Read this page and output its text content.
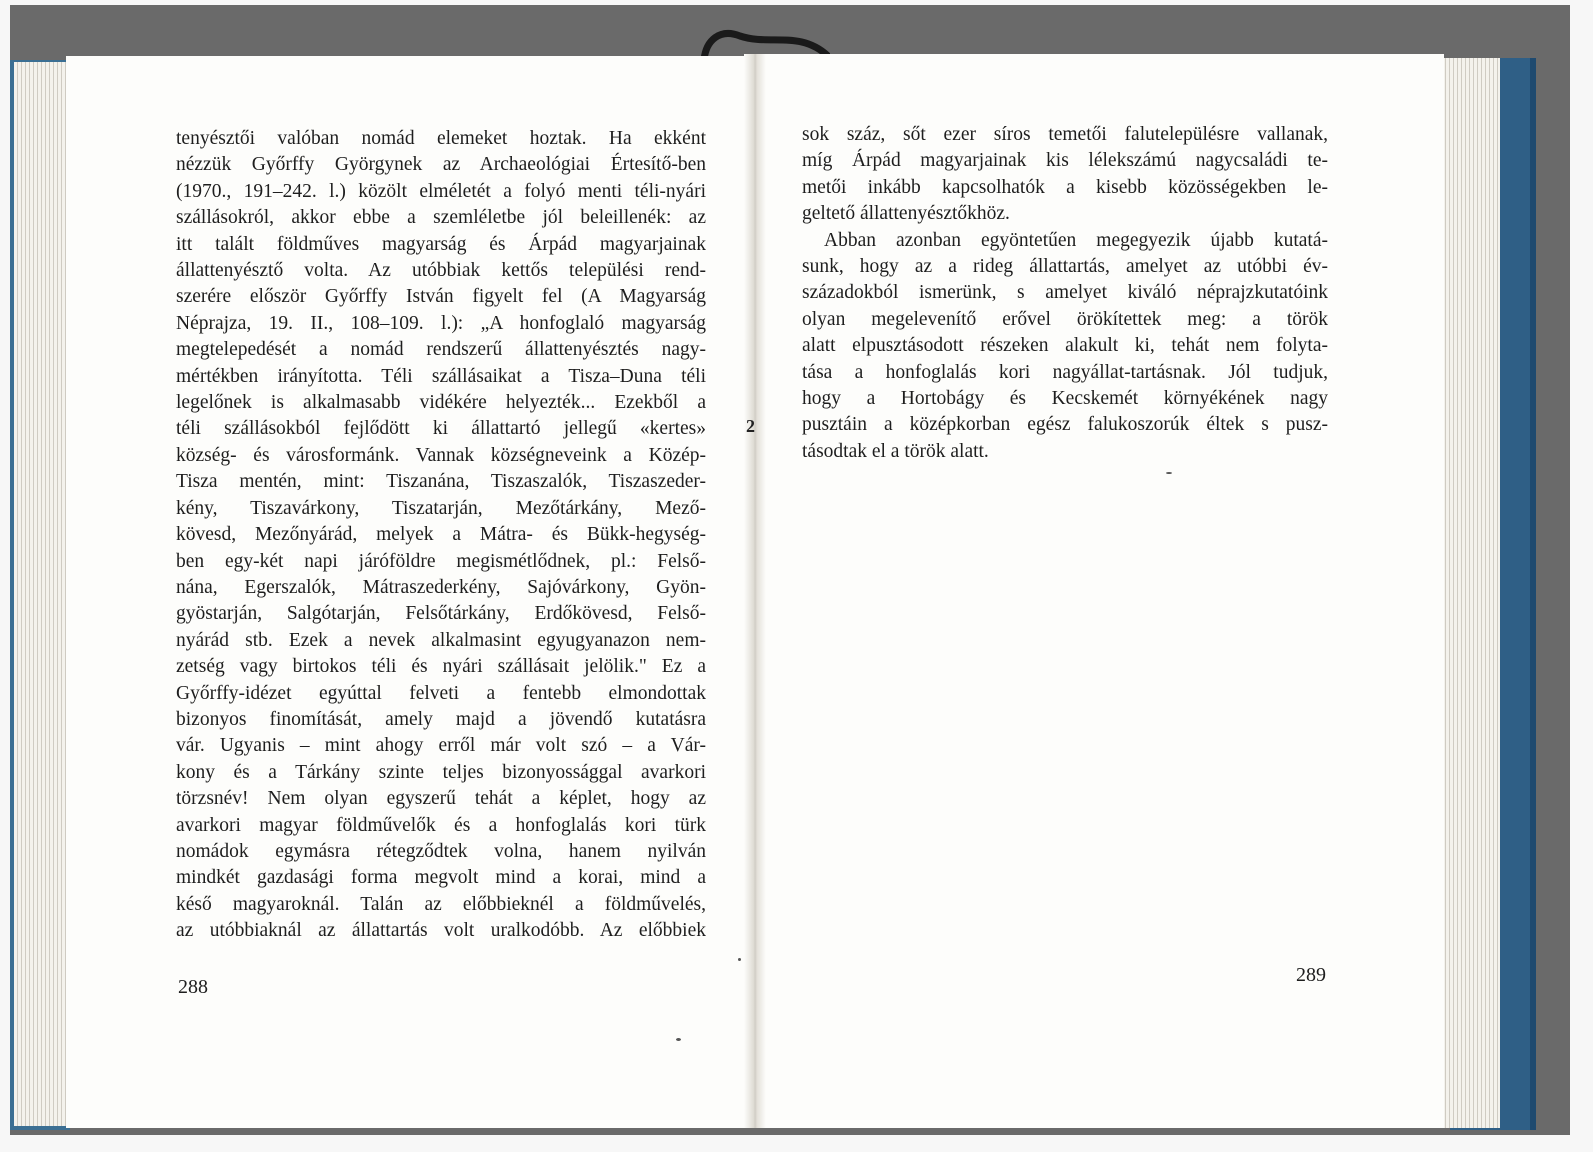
tenyésztői valóban nomád elemeket hoztak. Ha ekként
nézzük Győrffy Györgynek az Archaeológiai Értesítő-ben
(1970., 191–242. l.) közölt elméletét a folyó menti téli-nyári
szállásokról, akkor ebbe a szemléletbe jól beleillenék: az
itt talált földműves magyarság és Árpád magyarjainak
állattenyésztő volta. Az utóbbiak kettős települési rend-
szerére először Győrffy István figyelt fel (A Magyarság
Néprajza, 19. II., 108–109. l.): „A honfoglaló magyarság
megtelepedését a nomád rendszerű állattenyésztés nagy-
mértékben irányította. Téli szállásaikat a Tisza–Duna téli
legelőnek is alkalmasabb vidékére helyezték... Ezekből a
téli szállásokból fejlődött ki állattartó jellegű «kertes»
község- és városformánk. Vannak községneveink a Közép-
Tisza mentén, mint: Tiszanána, Tiszaszalók, Tiszaszeder-
kény, Tiszavárkony, Tiszatarján, Mezőtárkány, Mező-
kövesd, Mezőnyárád, melyek a Mátra- és Bükk-hegység-
ben egy-két napi járóföldre megismétlődnek, pl.: Felső-
nána, Egerszalók, Mátraszederkény, Sajóvárkony, Gyön-
gyöstarján, Salgótarján, Felsőtárkány, Erdőkövesd, Felső-
nyárád stb. Ezek a nevek alkalmasint egyugyanazon nem-
zetség vagy birtokos téli és nyári szállásait jelölik." Ez a
Győrffy-idézet egyúttal felveti a fentebb elmondottak
bizonyos finomítását, amely majd a jövendő kutatásra
vár. Ugyanis – mint ahogy erről már volt szó – a Vár-
kony és a Tárkány szinte teljes bizonyossággal avarkori
törzsnév! Nem olyan egyszerű tehát a képlet, hogy az
avarkori magyar földművelők és a honfoglalás kori türk
nomádok egymásra rétegződtek volna, hanem nyilván
mindkét gazdasági forma megvolt mind a korai, mind a
késő magyaroknál. Talán az előbbieknél a földművelés,
az utóbbiaknál az állattartás volt uralkodóbb. Az előbbiek
sok száz, sőt ezer síros temetői falutelepülésre vallanak,
míg Árpád magyarjainak kis lélekszámú nagycsaládi te-
metői inkább kapcsolhatók a kisebb közösségekben le-
geltető állattenyésztőkhöz.
Abban azonban egyöntetűen megegyezik újabb kutatá-
sunk, hogy az a rideg állattartás, amelyet az utóbbi év-
századokból ismerünk, s amelyet kiváló néprajzkutatóink
olyan megelevenítő erővel örökítettek meg: a török
alatt elpusztásodott részeken alakult ki, tehát nem folyta-
tása a honfoglalás kori nagyállat-tartásnak. Jól tudjuk,
hogy a Hortobágy és Kecskemét környékének nagy
pusztáin a középkorban egész falukoszorúk éltek s pusz-
tásodtak el a török alatt.
2
288
289
